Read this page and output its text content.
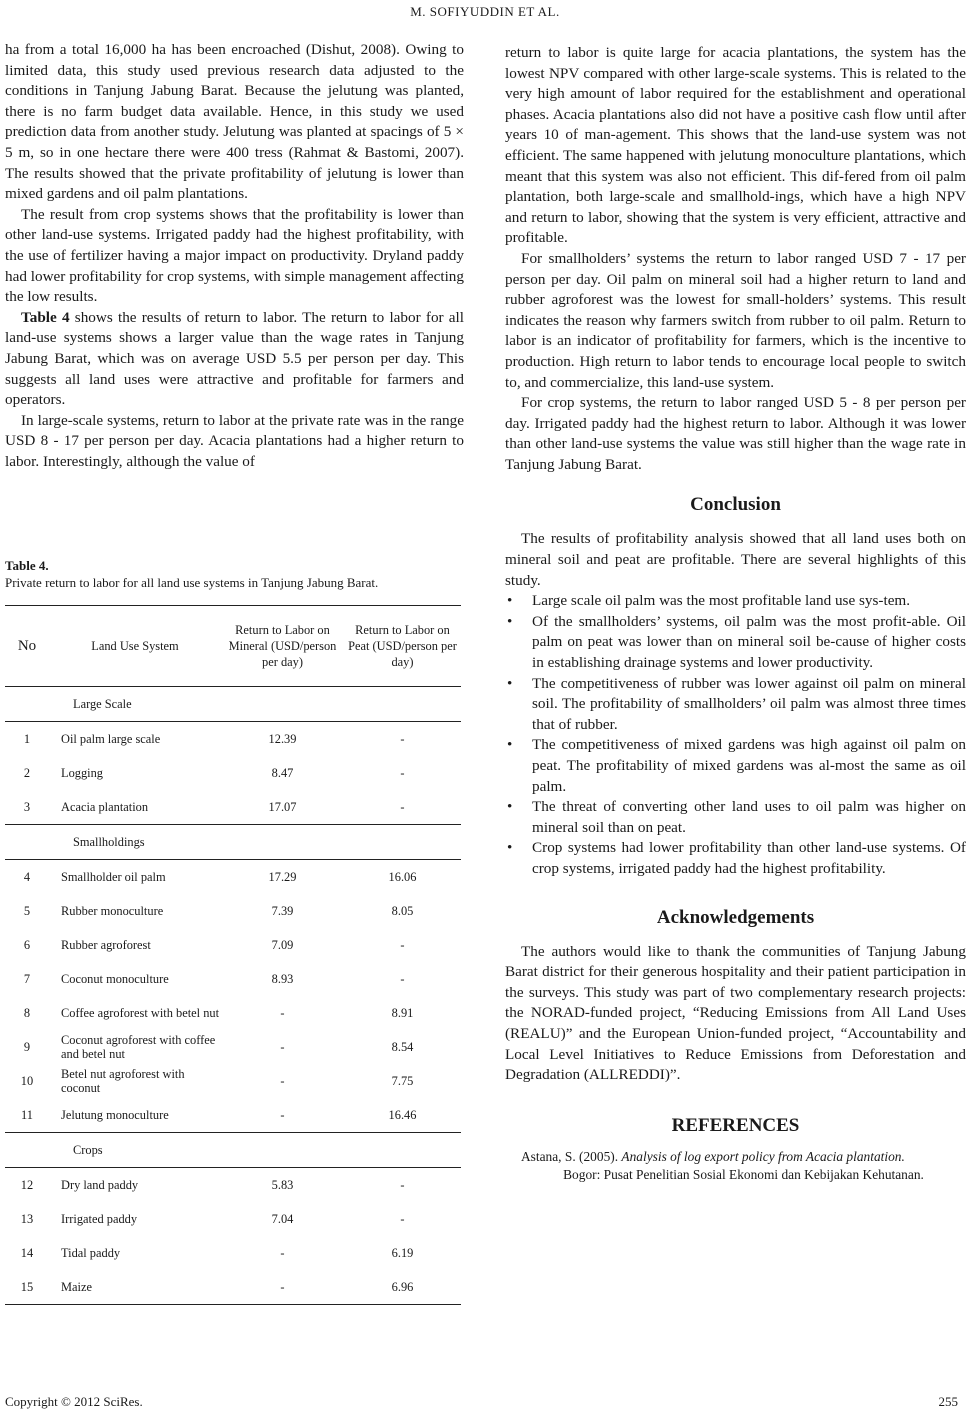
M. SOFIYUDDIN ET AL.

ha from a total 16,000 ha has been encroached (Dishut, 2008). Owing to limited data, this study used previous research data adjusted to the conditions in Tanjung Jabung Barat. Because the jelutung was planted, there is no farm budget data available. Hence, in this study we used prediction data from another study. Jelutung was planted at spacings of 5 × 5 m, so in one hectare there were 400 tress (Rahmat & Bastomi, 2007). The results showed that the private profitability of jelutung is lower than mixed gardens and oil palm plantations.

The result from crop systems shows that the profitability is lower than other land-use systems. Irrigated paddy had the highest profitability, with the use of fertilizer having a major impact on productivity. Dryland paddy had lower profitability for crop systems, with simple management affecting the low results.

Table 4 shows the results of return to labor. The return to labor for all land-use systems shows a larger value than the wage rates in Tanjung Jabung Barat, which was on average USD 5.5 per person per day. This suggests all land uses were attractive and profitable for farmers and operators.

In large-scale systems, return to labor at the private rate was in the range USD 8 - 17 per person per day. Acacia plantations had a higher return to labor. Interestingly, although the value of

Table 4.
Private return to labor for all land use systems in Tanjung Jabung Barat.
No	Land Use System	Return to Labor on Mineral (USD/person per day)	Return to Labor on Peat (USD/person per day)
Large Scale			
1	Oil palm large scale	12.39	-
2	Logging	8.47	-
3	Acacia plantation	17.07	-
Smallholdings			
4	Smallholder oil palm	17.29	16.06
5	Rubber monoculture	7.39	8.05
6	Rubber agroforest	7.09	-
7	Coconut monoculture	8.93	-
8	Coffee agroforest with betel nut	-	8.91
9	Coconut agroforest with coffee and betel nut	-	8.54
10	Betel nut agroforest with coconut	-	7.75
11	Jelutung monoculture	-	16.46
Crops			
12	Dry land paddy	5.83	-
13	Irrigated paddy	7.04	-
14	Tidal paddy	-	6.19
15	Maize	-	6.96

return to labor is quite large for acacia plantations, the system has the lowest NPV compared with other large-scale systems. This is related to the very high amount of labor required for the establishment and operational phases. Acacia plantations also did not have a positive cash flow until after years 10 of man-agement. This shows that the land-use system was not efficient. The same happened with jelutung monoculture plantations, which meant that this system was also not efficient. This dif-fered from oil palm plantation, both large-scale and smallhold-ings, which have a high NPV and return to labor, showing that the system is very efficient, attractive and profitable.

For smallholders’ systems the return to labor ranged USD 7 - 17 per person per day. Oil palm on mineral soil had a higher return to land and rubber agroforest was the lowest for small-holders’ systems. This result indicates the reason why farmers switch from rubber to oil palm. Return to labor is an indicator of profitability for farmers, which is the incentive to production. High return to labor tends to encourage local people to switch to, and commercialize, this land-use system.

For crop systems, the return to labor ranged USD 5 - 8 per person per day. Irrigated paddy had the highest return to labor. Although it was lower than other land-use systems the value was still higher than the wage rate in Tanjung Jabung Barat.

Conclusion

The results of profitability analysis showed that all land uses both on mineral soil and peat are profitable. There are several highlights of this study.

• Large scale oil palm was the most profitable land use sys-tem.
• Of the smallholders’ systems, oil palm was the most profit-able. Oil palm on peat was lower than on mineral soil be-cause of higher costs in establishing drainage systems and lower productivity.
• The competitiveness of rubber was lower against oil palm on mineral soil. The profitability of smallholders’ oil palm was almost three times that of rubber.
• The competitiveness of mixed gardens was high against oil palm on peat. The profitability of mixed gardens was al-most the same as oil palm.
• The threat of converting other land uses to oil palm was higher on mineral soil than on peat.
• Crop systems had lower profitability than other land-use systems. Of crop systems, irrigated paddy had the highest profitability.
Acknowledgements

The authors would like to thank the communities of Tanjung Jabung Barat district for their generous hospitality and their patient participation in the surveys. This study was part of two complementary research projects: the NORAD-funded project, “Reducing Emissions from All Land Uses (REALU)” and the European Union-funded project, “Accountability and Local Level Initiatives to Reduce Emissions from Deforestation and Degradation (ALLREDDI)”.

REFERENCES

Astana, S. (2005). Analysis of log export policy from Acacia plantation.
Bogor: Pusat Penelitian Sosial Ekonomi dan Kebijakan Kehutanan.

Copyright © 2012 SciRes.	255
